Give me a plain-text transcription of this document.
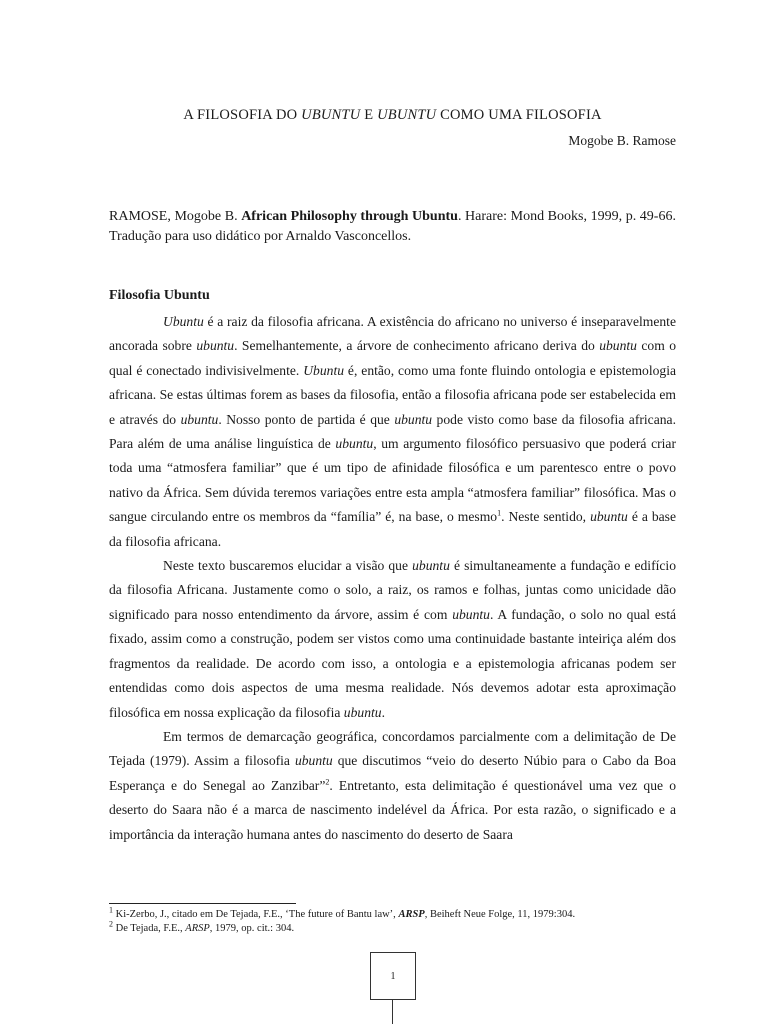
A FILOSOFIA DO UBUNTU E UBUNTU COMO UMA FILOSOFIA
Mogobe B. Ramose
RAMOSE, Mogobe B. African Philosophy through Ubuntu. Harare: Mond Books, 1999, p. 49-66. Tradução para uso didático por Arnaldo Vasconcellos.
Filosofia Ubuntu

Ubuntu é a raiz da filosofia africana. A existência do africano no universo é inseparavelmente ancorada sobre ubuntu. Semelhantemente, a árvore de conhecimento africano deriva do ubuntu com o qual é conectado indivisivelmente. Ubuntu é, então, como uma fonte fluindo ontologia e epistemologia africana. Se estas últimas forem as bases da filosofia, então a filosofia africana pode ser estabelecida em e através do ubuntu. Nosso ponto de partida é que ubuntu pode visto como base da filosofia africana. Para além de uma análise linguística de ubuntu, um argumento filosófico persuasivo que poderá criar toda uma “atmosfera familiar” que é um tipo de afinidade filosófica e um parentesco entre o povo nativo da África. Sem dúvida teremos variações entre esta ampla “atmosfera familiar” filosófica. Mas o sangue circulando entre os membros da “família” é, na base, o mesmo$^1$. Neste sentido, ubuntu é a base da filosofia africana.

Neste texto buscaremos elucidar a visão que ubuntu é simultaneamente a fundação e edifício da filosofia Africana. Justamente como o solo, a raiz, os ramos e folhas, juntas como unicidade dão significado para nosso entendimento da árvore, assim é com ubuntu. A fundação, o solo no qual está fixado, assim como a construção, podem ser vistos como uma continuidade bastante inteiriça além dos fragmentos da realidade. De acordo com isso, a ontologia e a epistemologia africanas podem ser entendidas como dois aspectos de uma mesma realidade. Nós devemos adotar esta aproximação filosófica em nossa explicação da filosofia ubuntu.

Em termos de demarcação geográfica, concordamos parcialmente com a delimitação de De Tejada (1979). Assim a filosofia ubuntu que discutimos “veio do deserto Núbio para o Cabo da Boa Esperança e do Senegal ao Zanzibar”$^2$. Entretanto, esta delimitação é questionável uma vez que o deserto do Saara não é a marca de nascimento indelével da África. Por esta razão, o significado e a importância da interação humana antes do nascimento do deserto de Saara

$^1$ Ki-Zerbo, J., citado em De Tejada, F.E., ‘The future of Bantu law’, ARSP, Beiheft Neue Folge, 11, 1979:304.
$^2$ De Tejada, F.E., ARSP, 1979, op. cit.: 304.
1
